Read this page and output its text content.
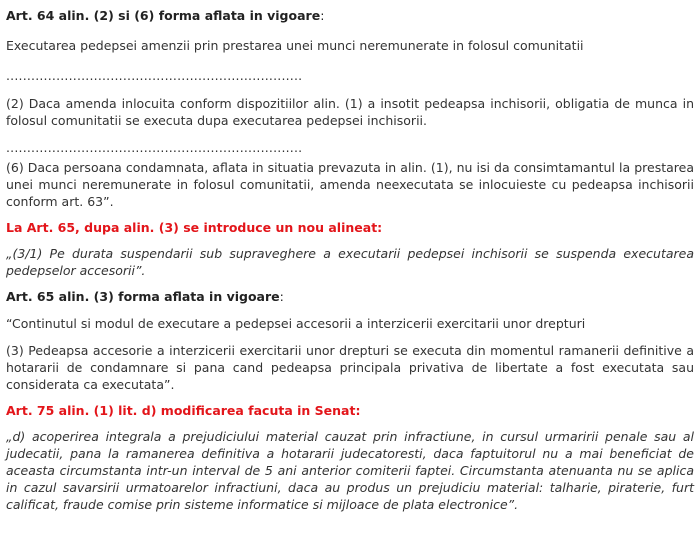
Art. 64 alin. (2) si (6) forma aflata in vigoare:

Executarea pedepsei amenzii prin prestarea unei munci neremunerate in folosul comunitatii

.......................................................................

(2) Daca amenda inlocuita conform dispozitiilor alin. (1) a insotit pedeapsa inchisorii, obligatia de munca in folosul comunitatii se executa dupa executarea pedepsei inchisorii.

.......................................................................

(6) Daca persoana condamnata, aflata in situatia prevazuta in alin. (1), nu isi da consimtamantul la prestarea unei munci neremunerate in folosul comunitatii, amenda neexecutata se inlocuieste cu pedeapsa inchisorii conform art. 63”.

La Art. 65, dupa alin. (3) se introduce un nou alineat:

„(3/1) Pe durata suspendarii sub supraveghere a executarii pedepsei inchisorii se suspenda executarea pedepselor accesorii”.

Art. 65 alin. (3) forma aflata in vigoare:

“Continutul si modul de executare a pedepsei accesorii a interzicerii exercitarii unor drepturi

(3) Pedeapsa accesorie a interzicerii exercitarii unor drepturi se executa din momentul ramanerii definitive a hotararii de condamnare si pana cand pedeapsa principala privativa de libertate a fost executata sau considerata ca executata”.

Art. 75 alin. (1) lit. d) modificarea facuta in Senat:

„d) acoperirea integrala a prejudiciului material cauzat prin infractiune, in cursul urmaririi penale sau al judecatii, pana la ramanerea definitiva a hotararii judecatoresti, daca faptuitorul nu a mai beneficiat de aceasta circumstanta intr-un interval de 5 ani anterior comiterii faptei. Circumstanta atenuanta nu se aplica in cazul savarsirii urmatoarelor infractiuni, daca au produs un prejudiciu material: talharie, piraterie, furt calificat, fraude comise prin sisteme informatice si mijloace de plata electronice”.
